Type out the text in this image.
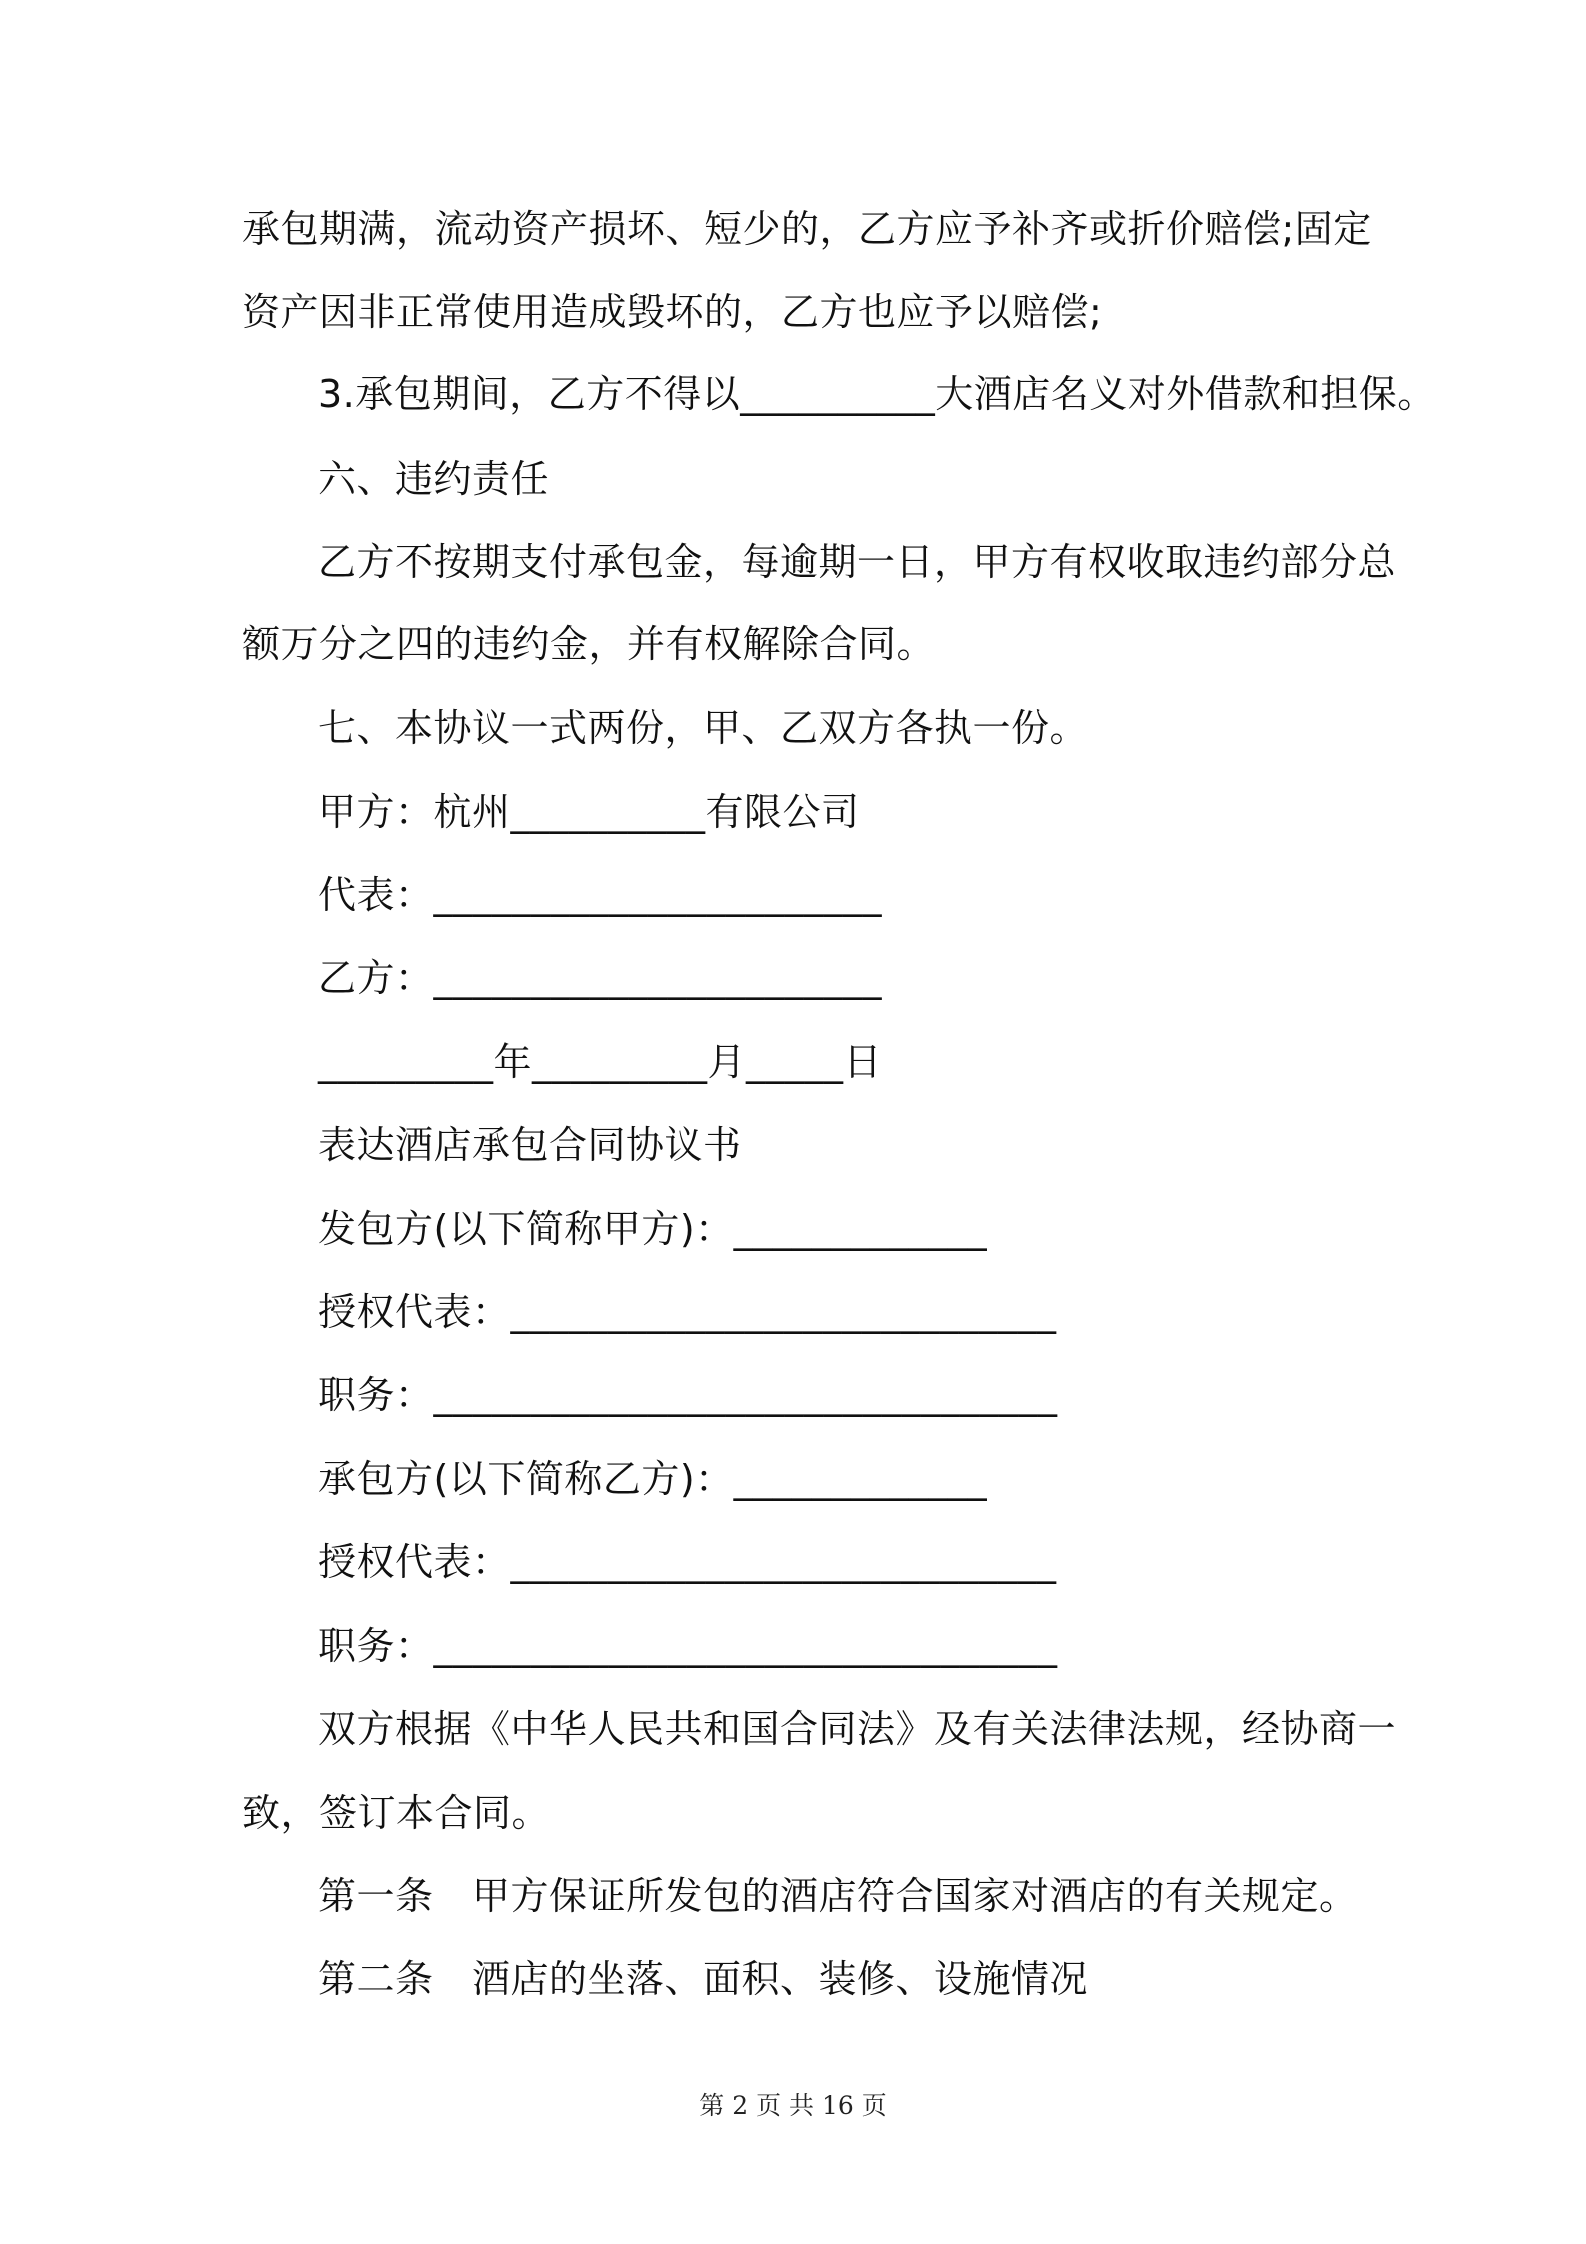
承包期满，流动资产损坏、短少的，乙方应予补齐或折价赔偿;固定
资产因非正常使用造成毁坏的，乙方也应予以赔偿;
3.承包期间，乙方不得以__________大酒店名义对外借款和担保。
六、违约责任
乙方不按期支付承包金，每逾期一日，甲方有权收取违约部分总
额万分之四的违约金，并有权解除合同。
七、本协议一式两份，甲、乙双方各执一份。
甲方：杭州__________有限公司
代表：_______________________
乙方：_______________________
_________年_________月_____日
表达酒店承包合同协议书
发包方(以下简称甲方)：_____________
授权代表：____________________________
职务：________________________________
承包方(以下简称乙方)：_____________
授权代表：____________________________
职务：________________________________
双方根据《中华人民共和国合同法》及有关法律法规，经协商一
致，签订本合同。
第一条　甲方保证所发包的酒店符合国家对酒店的有关规定。
第二条　酒店的坐落、面积、装修、设施情况
第 2 页 共 16 页
